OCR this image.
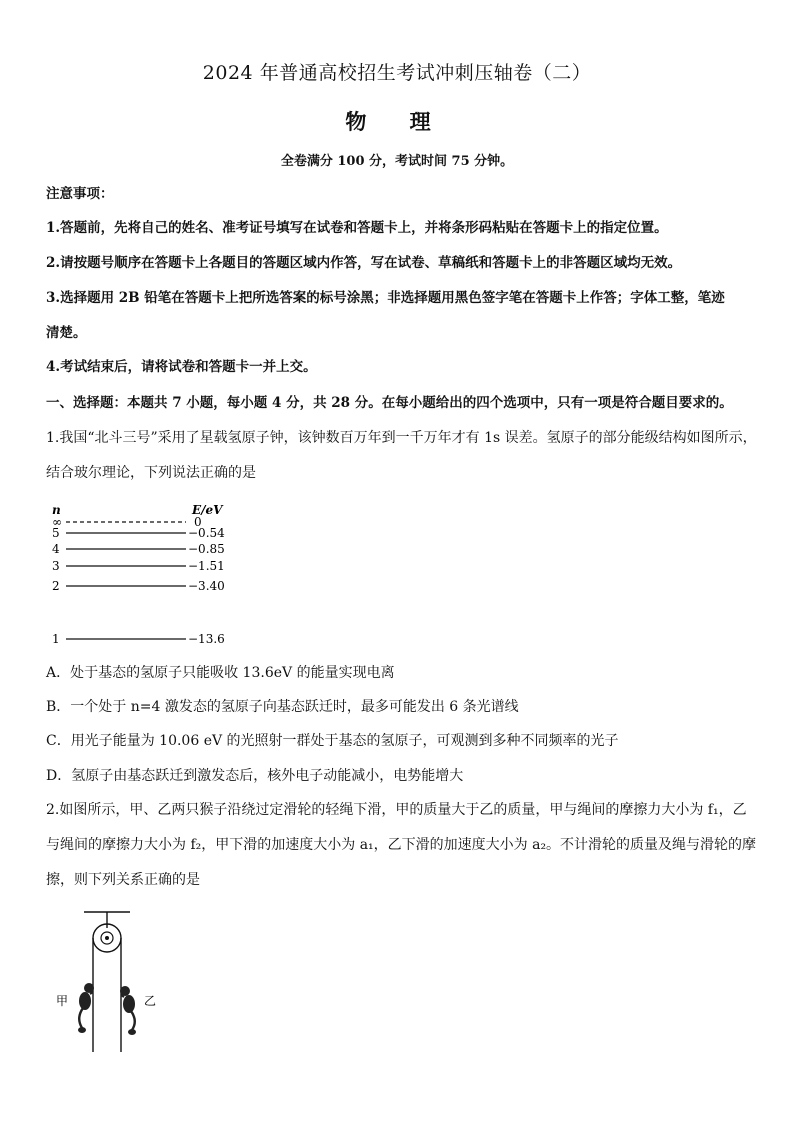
2024 年普通高校招生考试冲刺压轴卷（二）
物 理
全卷满分 100 分，考试时间 75 分钟。
注意事项：
1.答题前，先将自己的姓名、准考证号填写在试卷和答题卡上，并将条形码粘贴在答题卡上的指定位置。
2.请按题号顺序在答题卡上各题目的答题区域内作答，写在试卷、草稿纸和答题卡上的非答题区域均无效。
3.选择题用 2B 铅笔在答题卡上把所选答案的标号涂黑；非选择题用黑色签字笔在答题卡上作答；字体工整，笔迹
清楚。
4.考试结束后，请将试卷和答题卡一并上交。
一、选择题：本题共 7 小题，每小题 4 分，共 28 分。在每小题给出的四个选项中，只有一项是符合题目要求的。
1.我国“北斗三号”采用了星载氢原子钟，该钟数百万年到一千万年才有 1s 误差。氢原子的部分能级结构如图所示，
结合玻尔理论，下列说法正确的是
n	E/eV
∞	0
5	−0.54
4	−0.85
3	−1.51
2	−3.40
1	−13.6
A．处于基态的氢原子只能吸收 13.6eV 的能量实现电离
B．一个处于 n=4 激发态的氢原子向基态跃迁时，最多可能发出 6 条光谱线
C．用光子能量为 10.06 eV 的光照射一群处于基态的氢原子，可观测到多种不同频率的光子
D．氢原子由基态跃迁到激发态后，核外电子动能减小，电势能增大
2.如图所示，甲、乙两只猴子沿绕过定滑轮的轻绳下滑，甲的质量大于乙的质量，甲与绳间的摩擦力大小为 f₁，乙
与绳间的摩擦力大小为 f₂，甲下滑的加速度大小为 a₁，乙下滑的加速度大小为 a₂。不计滑轮的质量及绳与滑轮的摩
擦，则下列关系正确的是
甲	乙
